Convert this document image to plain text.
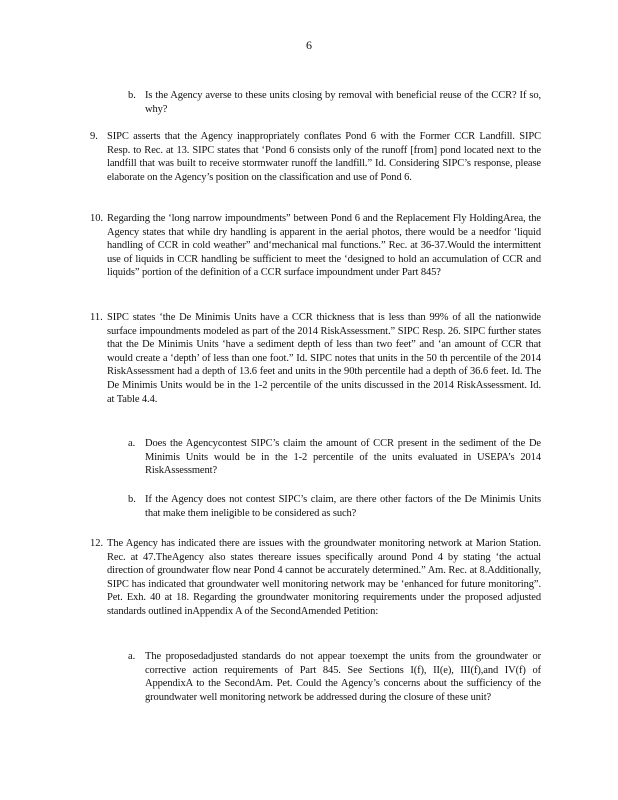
6
b. Is the Agency averse to these units closing by removal with beneficial reuse of the CCR? If so, why?
9. SIPC asserts that the Agency inappropriately conflates Pond 6 with the Former CCR Landfill. SIPC Resp. to Rec. at 13. SIPC states that ‘Pond 6 consists only of the runoff [from] pond located next to the landfill that was built to receive stormwater runoff the landfill.” Id. Considering SIPC’s response, please elaborate on the Agency’s position on the classification and use of Pond 6.
10. Regarding the ‘long narrow impoundments” between Pond 6 and the Replacement Fly HoldingArea, the Agency states that while dry handling is apparent in the aerial photos, there would be a needfor ‘liquid handling of CCR in cold weather” and‘mechanical mal functions.” Rec. at 36-37.Would the intermittent use of liquids in CCR handling be sufficient to meet the ‘designed to hold an accumulation of CCR and liquids” portion of the definition of a CCR surface impoundment under Part 845?
11. SIPC states ‘the De Minimis Units have a CCR thickness that is less than 99% of all the nationwide surface impoundments modeled as part of the 2014 RiskAssessment.” SIPC Resp. 26. SIPC further states that the De Minimis Units ‘have a sediment depth of less than two feet” and ‘an amount of CCR that would create a ‘depth’ of less than one foot.” Id. SIPC notes that units in the 50 th percentile of the 2014 RiskAssessment had a depth of 13.6 feet and units in the 90th percentile had a depth of 36.6 feet. Id. The De Minimis Units would be in the 1-2 percentile of the units discussed in the 2014 RiskAssessment. Id. at Table 4.4.
a. Does the Agencycontest SIPC’s claim the amount of CCR present in the sediment of the De Minimis Units would be in the 1-2 percentile of the units evaluated in USEPA’s 2014 RiskAssessment?
b. If the Agency does not contest SIPC’s claim, are there other factors of the De Minimis Units that make them ineligible to be considered as such?
12. The Agency has indicated there are issues with the groundwater monitoring network at Marion Station. Rec. at 47.TheAgency also states thereare issues specifically around Pond 4 by stating ‘the actual direction of groundwater flow near Pond 4 cannot be accurately determined.” Am. Rec. at 8.Additionally, SIPC has indicated that groundwater well monitoring network may be ‘enhanced for future monitoring”. Pet. Exh. 40 at 18. Regarding the groundwater monitoring requirements under the proposed adjusted standards outlined inAppendix A of the SecondAmended Petition:
a. The proposedadjusted standards do not appear toexempt the units from the groundwater or corrective action requirements of Part 845. See Sections I(f), II(e), III(f),and IV(f) of AppendixA to the SecondAm. Pet. Could the Agency’s concerns about the sufficiency of the groundwater well monitoring network be addressed during the closure of these unit?
